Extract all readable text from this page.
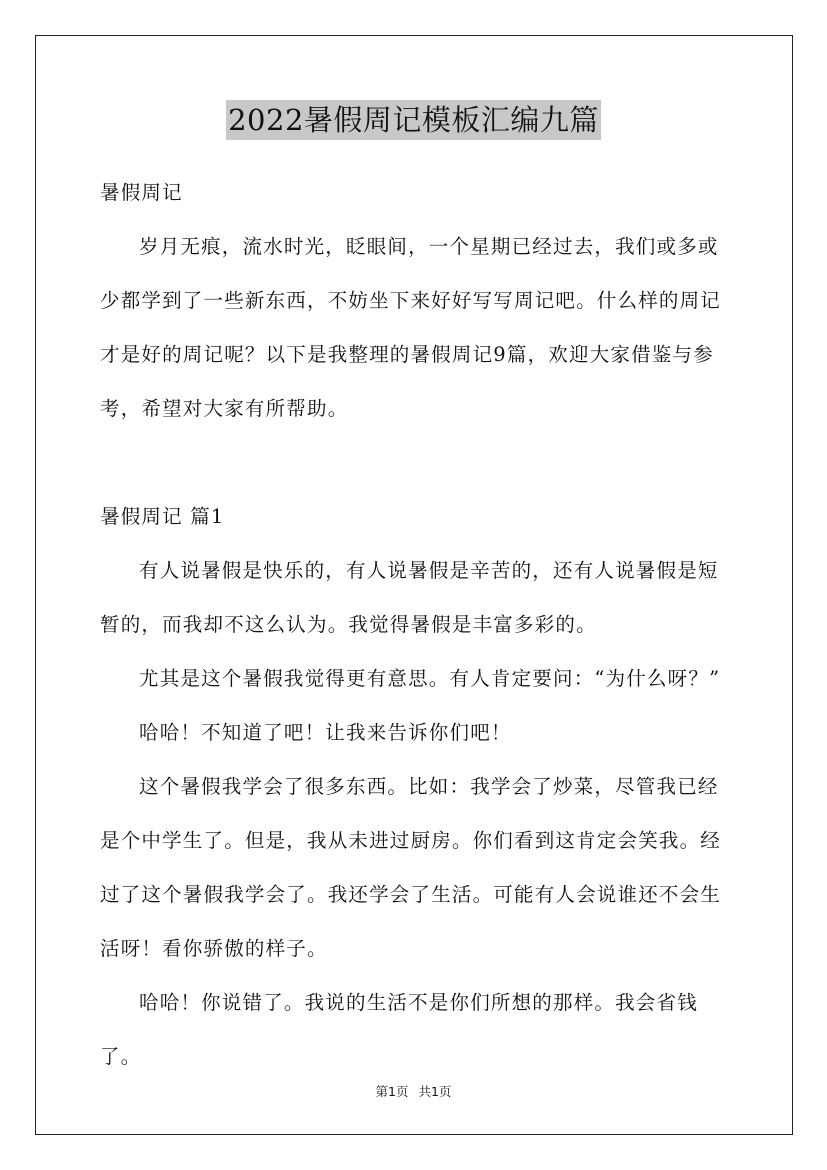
2022暑假周记模板汇编九篇

暑假周记

岁月无痕，流水时光，眨眼间，一个星期已经过去，我们或多或少都学到了一些新东西，不妨坐下来好好写写周记吧。什么样的周记才是好的周记呢？以下是我整理的暑假周记9篇，欢迎大家借鉴与参考，希望对大家有所帮助。

暑假周记 篇1

有人说暑假是快乐的，有人说暑假是辛苦的，还有人说暑假是短暂的，而我却不这么认为。我觉得暑假是丰富多彩的。

尤其是这个暑假我觉得更有意思。有人肯定要问：“为什么呀？”

哈哈！不知道了吧！让我来告诉你们吧！

这个暑假我学会了很多东西。比如：我学会了炒菜，尽管我已经是个中学生了。但是，我从未进过厨房。你们看到这肯定会笑我。经过了这个暑假我学会了。我还学会了生活。可能有人会说谁还不会生活呀！看你骄傲的样子。

哈哈！你说错了。我说的生活不是你们所想的那样。我会省钱了。

第1页 共1页
